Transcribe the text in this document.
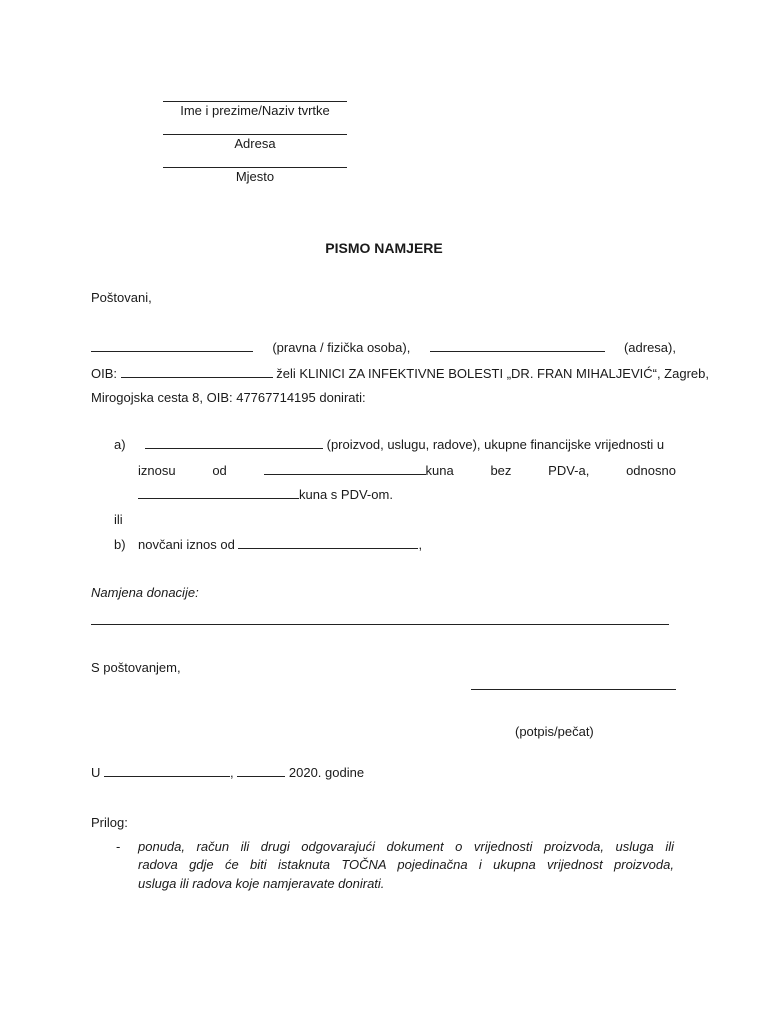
Ime i prezime/Naziv tvrtke
Adresa
Mjesto
PISMO NAMJERE
Poštovani,
(pravna / fizička osoba),	(adresa),
OIB:	želi KLINICI ZA INFEKTIVNE BOLESTI „DR. FRAN MIHALJEVIĆ“, Zagreb,
Mirogojska cesta 8, OIB: 47767714195 donirati:
a)	(proizvod, uslugu, radove), ukupne financijske vrijednosti u
iznosu	od	kuna	bez	PDV-a,	odnosno
kuna s PDV-om.
ili
b) novčani iznos od	,
Namjena donacije:
S poštovanjem,
(potpis/pečat)
U	,	2020. godine
Prilog:
- ponuda, račun ili drugi odgovarajući dokument o vrijednosti proizvoda, usluga ili
radova gdje će biti istaknuta TOČNA pojedinačna i ukupna vrijednost proizvoda,
usluga ili radova koje namjeravate donirati.
